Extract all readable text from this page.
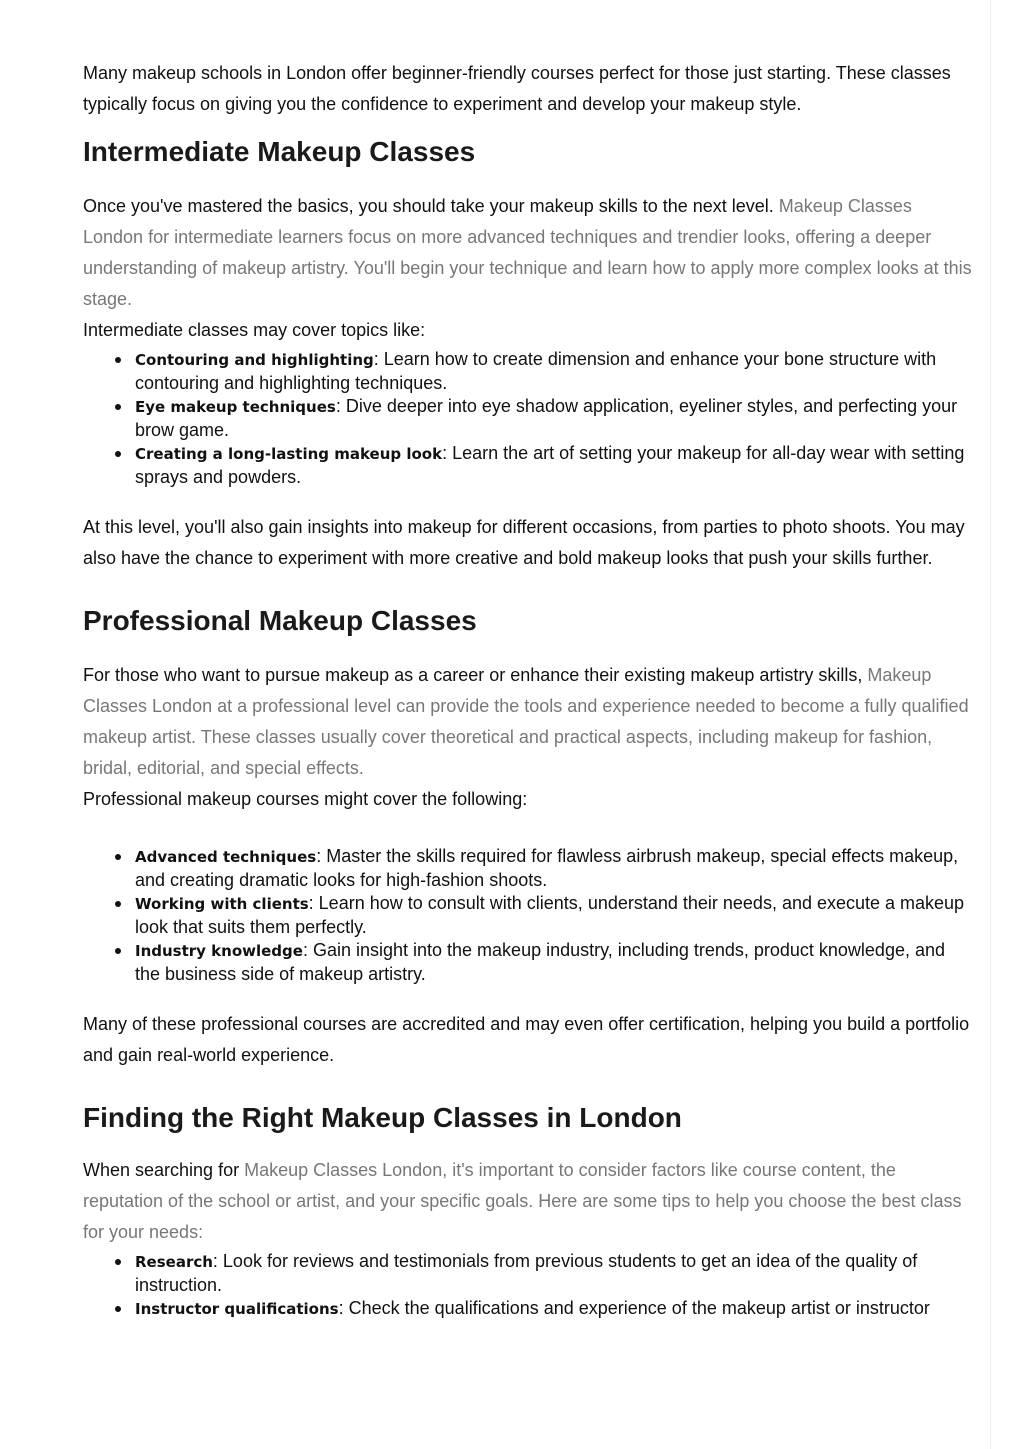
Many makeup schools in London offer beginner-friendly courses perfect for those just starting. These classes typically focus on giving you the confidence to experiment and develop your makeup style.

Intermediate Makeup Classes

Once you've mastered the basics, you should take your makeup skills to the next level. Makeup Classes London for intermediate learners focus on more advanced techniques and trendier looks, offering a deeper understanding of makeup artistry. You'll begin your technique and learn how to apply more complex looks at this stage.

Intermediate classes may cover topics like:

Contouring and highlighting: Learn how to create dimension and enhance your bone structure with contouring and highlighting techniques.
Eye makeup techniques: Dive deeper into eye shadow application, eyeliner styles, and perfecting your brow game.
Creating a long-lasting makeup look: Learn the art of setting your makeup for all-day wear with setting sprays and powders.

At this level, you'll also gain insights into makeup for different occasions, from parties to photo shoots. You may also have the chance to experiment with more creative and bold makeup looks that push your skills further.

Professional Makeup Classes

For those who want to pursue makeup as a career or enhance their existing makeup artistry skills, Makeup Classes London at a professional level can provide the tools and experience needed to become a fully qualified makeup artist. These classes usually cover theoretical and practical aspects, including makeup for fashion, bridal, editorial, and special effects.

Professional makeup courses might cover the following:

Advanced techniques: Master the skills required for flawless airbrush makeup, special effects makeup, and creating dramatic looks for high-fashion shoots.
Working with clients: Learn how to consult with clients, understand their needs, and execute a makeup look that suits them perfectly.
Industry knowledge: Gain insight into the makeup industry, including trends, product knowledge, and the business side of makeup artistry.

Many of these professional courses are accredited and may even offer certification, helping you build a portfolio and gain real-world experience.

Finding the Right Makeup Classes in London

When searching for Makeup Classes London, it's important to consider factors like course content, the reputation of the school or artist, and your specific goals. Here are some tips to help you choose the best class for your needs:

Research: Look for reviews and testimonials from previous students to get an idea of the quality of instruction.
Instructor qualifications: Check the qualifications and experience of the makeup artist or instructor
